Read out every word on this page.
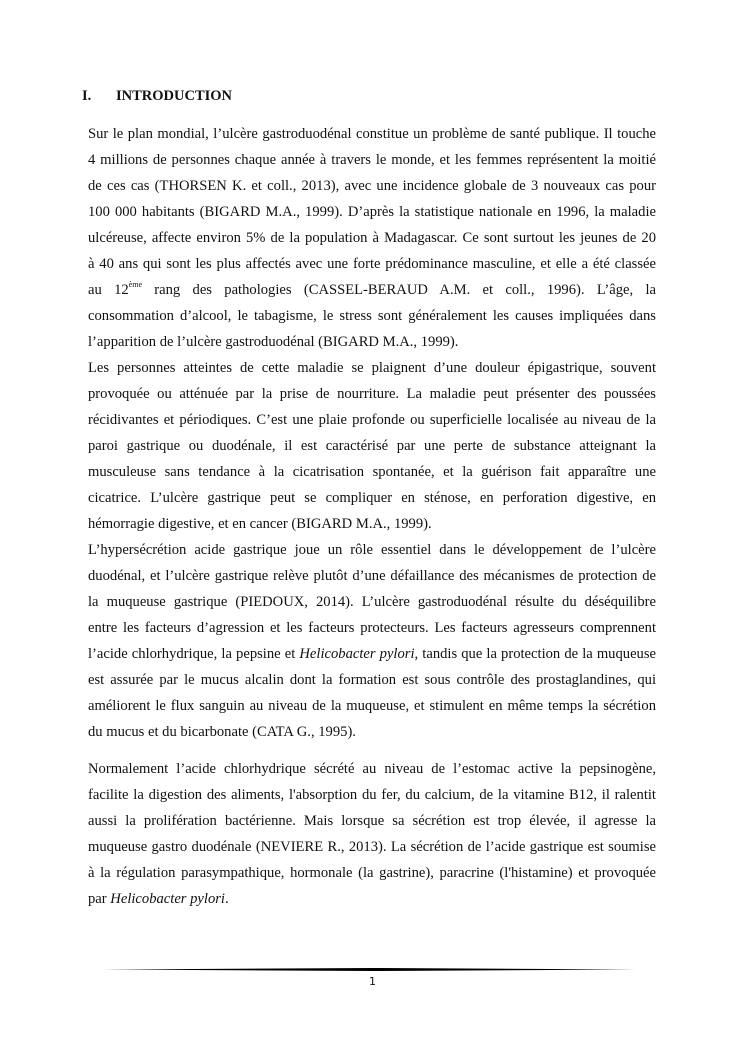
I. INTRODUCTION
Sur le plan mondial, l’ulcère gastroduodénal constitue un problème de santé publique. Il touche
4 millions de personnes chaque année à travers le monde, et les femmes représentent la moitié
de ces cas (THORSEN K. et coll., 2013), avec une incidence globale de 3 nouveaux cas pour
100 000 habitants (BIGARD M.A., 1999). D’après la statistique nationale en 1996, la maladie
ulcéreuse, affecte environ 5% de la population à Madagascar. Ce sont surtout les jeunes de 20
à 40 ans qui sont les plus affectés avec une forte prédominance masculine, et elle a été classée
au 12ème rang des pathologies (CASSEL-BERAUD A.M. et coll., 1996). L’âge, la
consommation d’alcool, le tabagisme, le stress sont généralement les causes impliquées dans
l’apparition de l’ulcère gastroduodénal (BIGARD M.A., 1999).
Les personnes atteintes de cette maladie se plaignent d’une douleur épigastrique, souvent
provoquée ou atténuée par la prise de nourriture. La maladie peut présenter des poussées
récidivantes et périodiques. C’est une plaie profonde ou superficielle localisée au niveau de la
paroi gastrique ou duodénale, il est caractérisé par une perte de substance atteignant la
musculeuse sans tendance à la cicatrisation spontanée, et la guérison fait apparaître une
cicatrice. L’ulcère gastrique peut se compliquer en sténose, en perforation digestive, en
hémorragie digestive, et en cancer (BIGARD M.A., 1999).
L’hypersécrétion acide gastrique joue un rôle essentiel dans le développement de l’ulcère
duodénal, et l’ulcère gastrique relève plutôt d’une défaillance des mécanismes de protection de
la muqueuse gastrique (PIEDOUX, 2014). L’ulcère gastroduodénal résulte du déséquilibre
entre les facteurs d’agression et les facteurs protecteurs. Les facteurs agresseurs comprennent
l’acide chlorhydrique, la pepsine et Helicobacter pylori, tandis que la protection de la muqueuse
est assurée par le mucus alcalin dont la formation est sous contrôle des prostaglandines, qui
améliorent le flux sanguin au niveau de la muqueuse, et stimulent en même temps la sécrétion
du mucus et du bicarbonate (CATA G., 1995).
Normalement l’acide chlorhydrique sécrété au niveau de l’estomac active la pepsinogène,
facilite la digestion des aliments, l'absorption du fer, du calcium, de la vitamine B12, il ralentit
aussi la prolifération bactérienne. Mais lorsque sa sécrétion est trop élevée, il agresse la
muqueuse gastro duodénale (NEVIERE R., 2013). La sécrétion de l’acide gastrique est soumise
à la régulation parasympathique, hormonale (la gastrine), paracrine (l'histamine) et provoquée
par Helicobacter pylori.
1
